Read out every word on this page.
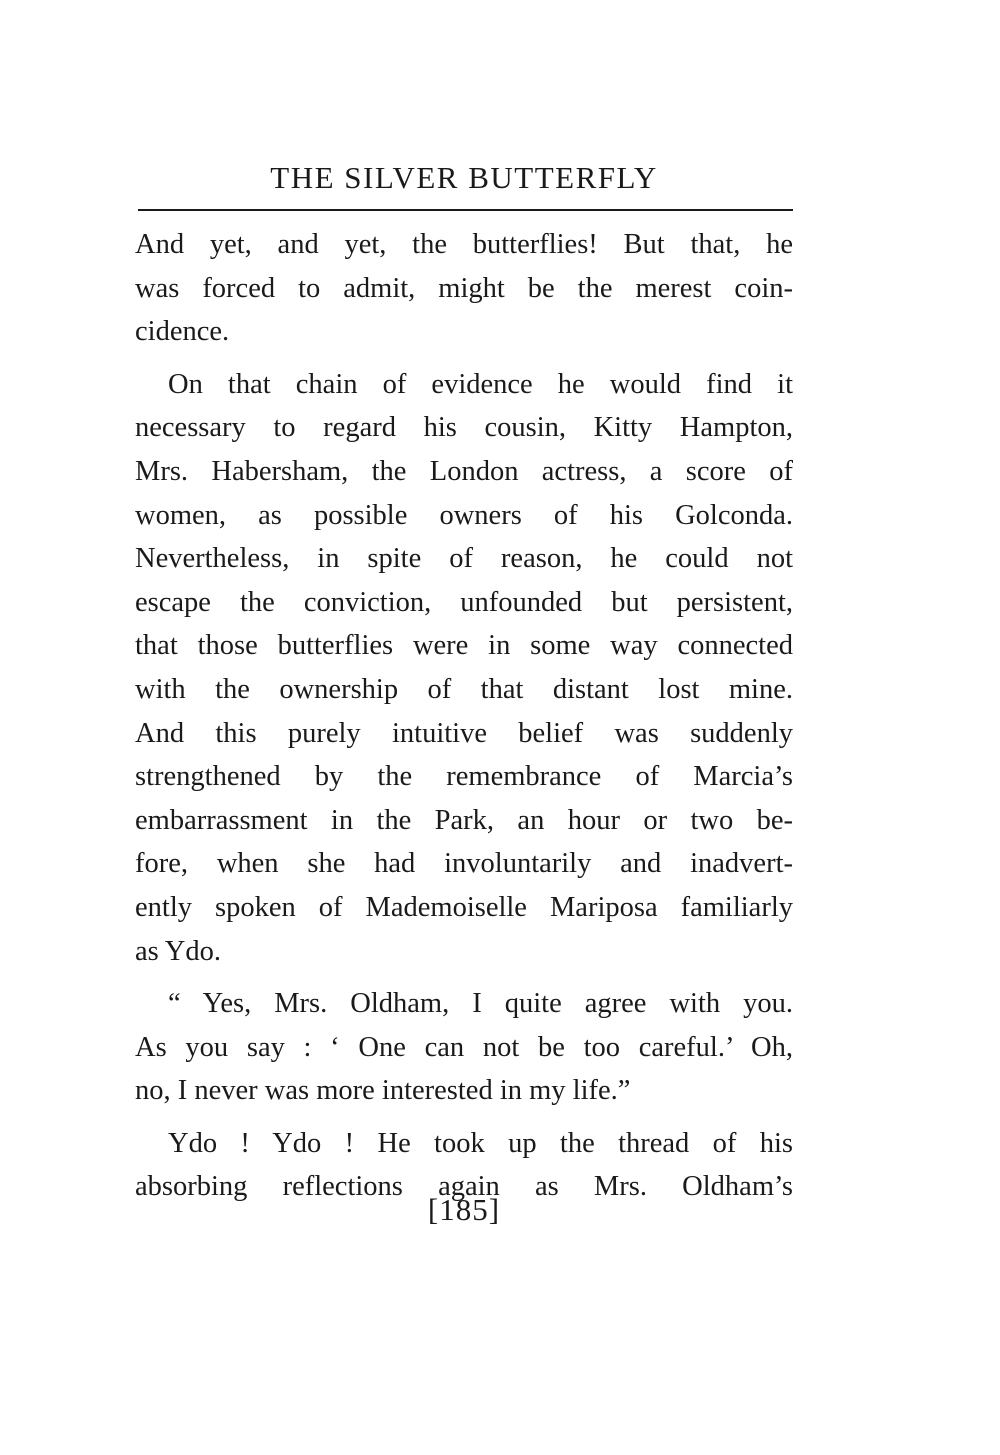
THE SILVER BUTTERFLY

And yet, and yet, the butterflies! But that, he
was forced to admit, might be the merest coin-
cidence.

On that chain of evidence he would find it
necessary to regard his cousin, Kitty Hampton,
Mrs. Habersham, the London actress, a score of
women, as possible owners of his Golconda.
Nevertheless, in spite of reason, he could not
escape the conviction, unfounded but persistent,
that those butterflies were in some way connected
with the ownership of that distant lost mine.
And this purely intuitive belief was suddenly
strengthened by the remembrance of Marcia’s
embarrassment in the Park, an hour or two be-
fore, when she had involuntarily and inadvert-
ently spoken of Mademoiselle Mariposa familiarly
as Ydo.

“ Yes, Mrs. Oldham, I quite agree with you.
As you say : ‘ One can not be too careful.’ Oh,
no, I never was more interested in my life.”

Ydo ! Ydo ! He took up the thread of his
absorbing reflections again as Mrs. Oldham’s

[185]
